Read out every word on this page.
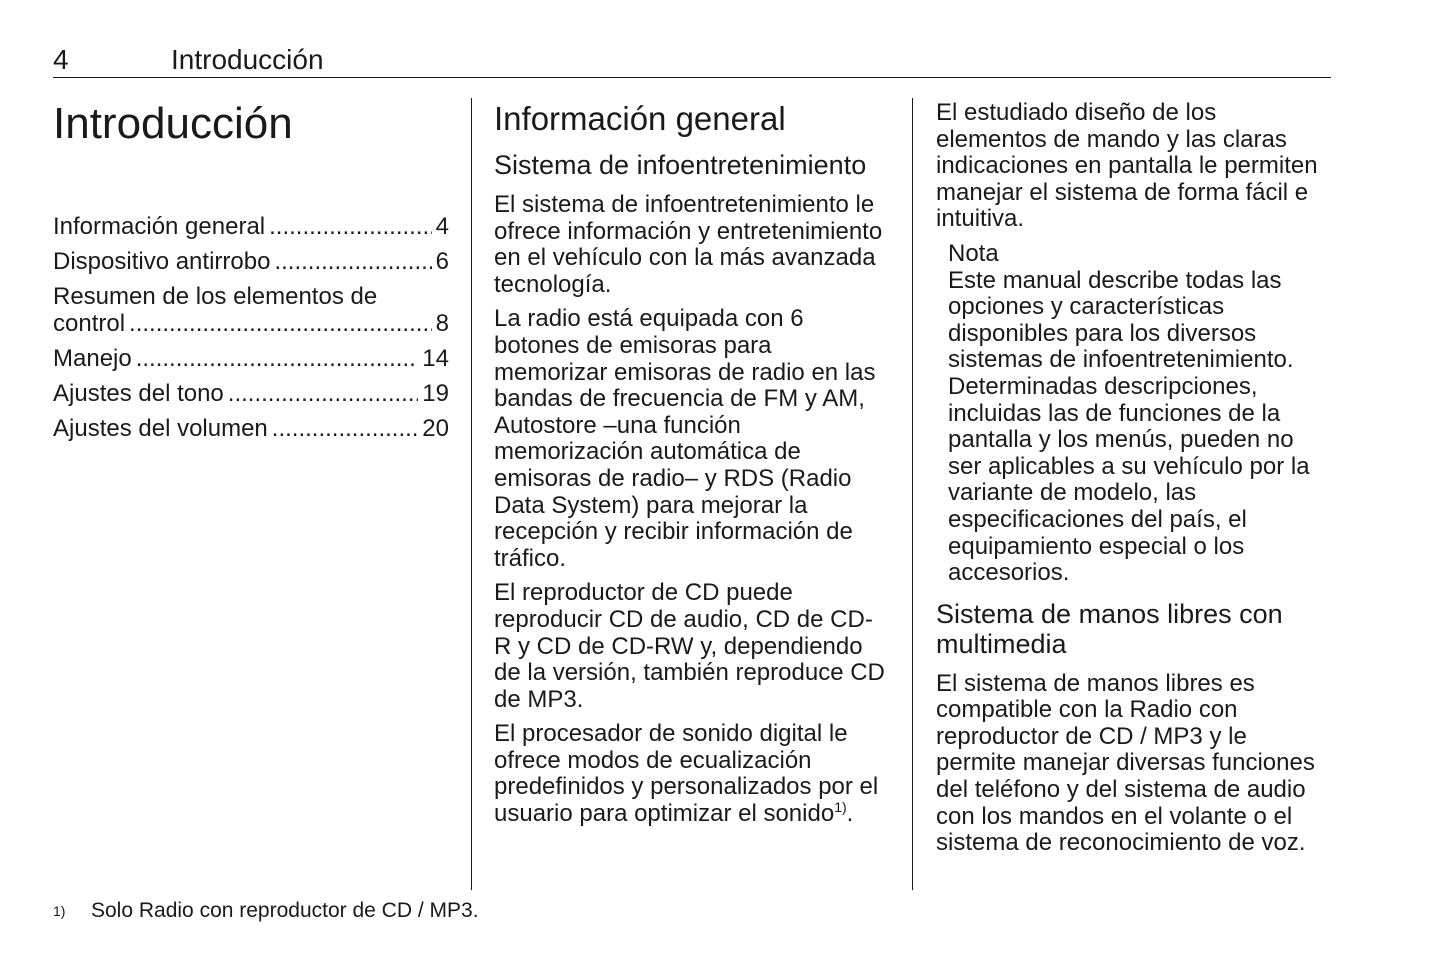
4	Introducción
Introducción
Información general .....	4
Dispositivo antirrobo .....	6
Resumen de los elementos de
control .....	8
Manejo .....	14
Ajustes del tono .....	19
Ajustes del volumen .....	20
Información general
Sistema de infoentretenimiento

El sistema de infoentretenimiento le ofrece información y entretenimiento en el vehículo con la más avanzada tecnología.

La radio está equipada con 6 botones de emisoras para memorizar emisoras de radio en las bandas de frecuencia de FM y AM, Autostore –una función memorización automática de emisoras de radio– y RDS (Radio Data System) para mejorar la recepción y recibir información de tráfico.

El reproductor de CD puede reproducir CD de audio, CD de CD-R y CD de CD-RW y, dependiendo de la versión, también reproduce CD de MP3.

El procesador de sonido digital le ofrece modos de ecualización predefinidos y personalizados por el usuario para optimizar el sonido$^{1)}$.

El estudiado diseño de los elementos de mando y las claras indicaciones en pantalla le permiten manejar el sistema de forma fácil e intuitiva.

Nota
Este manual describe todas las opciones y características disponibles para los diversos sistemas de infoentretenimiento. Determinadas descripciones, incluidas las de funciones de la pantalla y los menús, pueden no ser aplicables a su vehículo por la variante de modelo, las especificaciones del país, el equipamiento especial o los accesorios.
Sistema de manos libres con multimedia

El sistema de manos libres es compatible con la Radio con reproductor de CD / MP3 y le permite manejar diversas funciones del teléfono y del sistema de audio con los mandos en el volante o el sistema de reconocimiento de voz.

1) Solo Radio con reproductor de CD / MP3.
